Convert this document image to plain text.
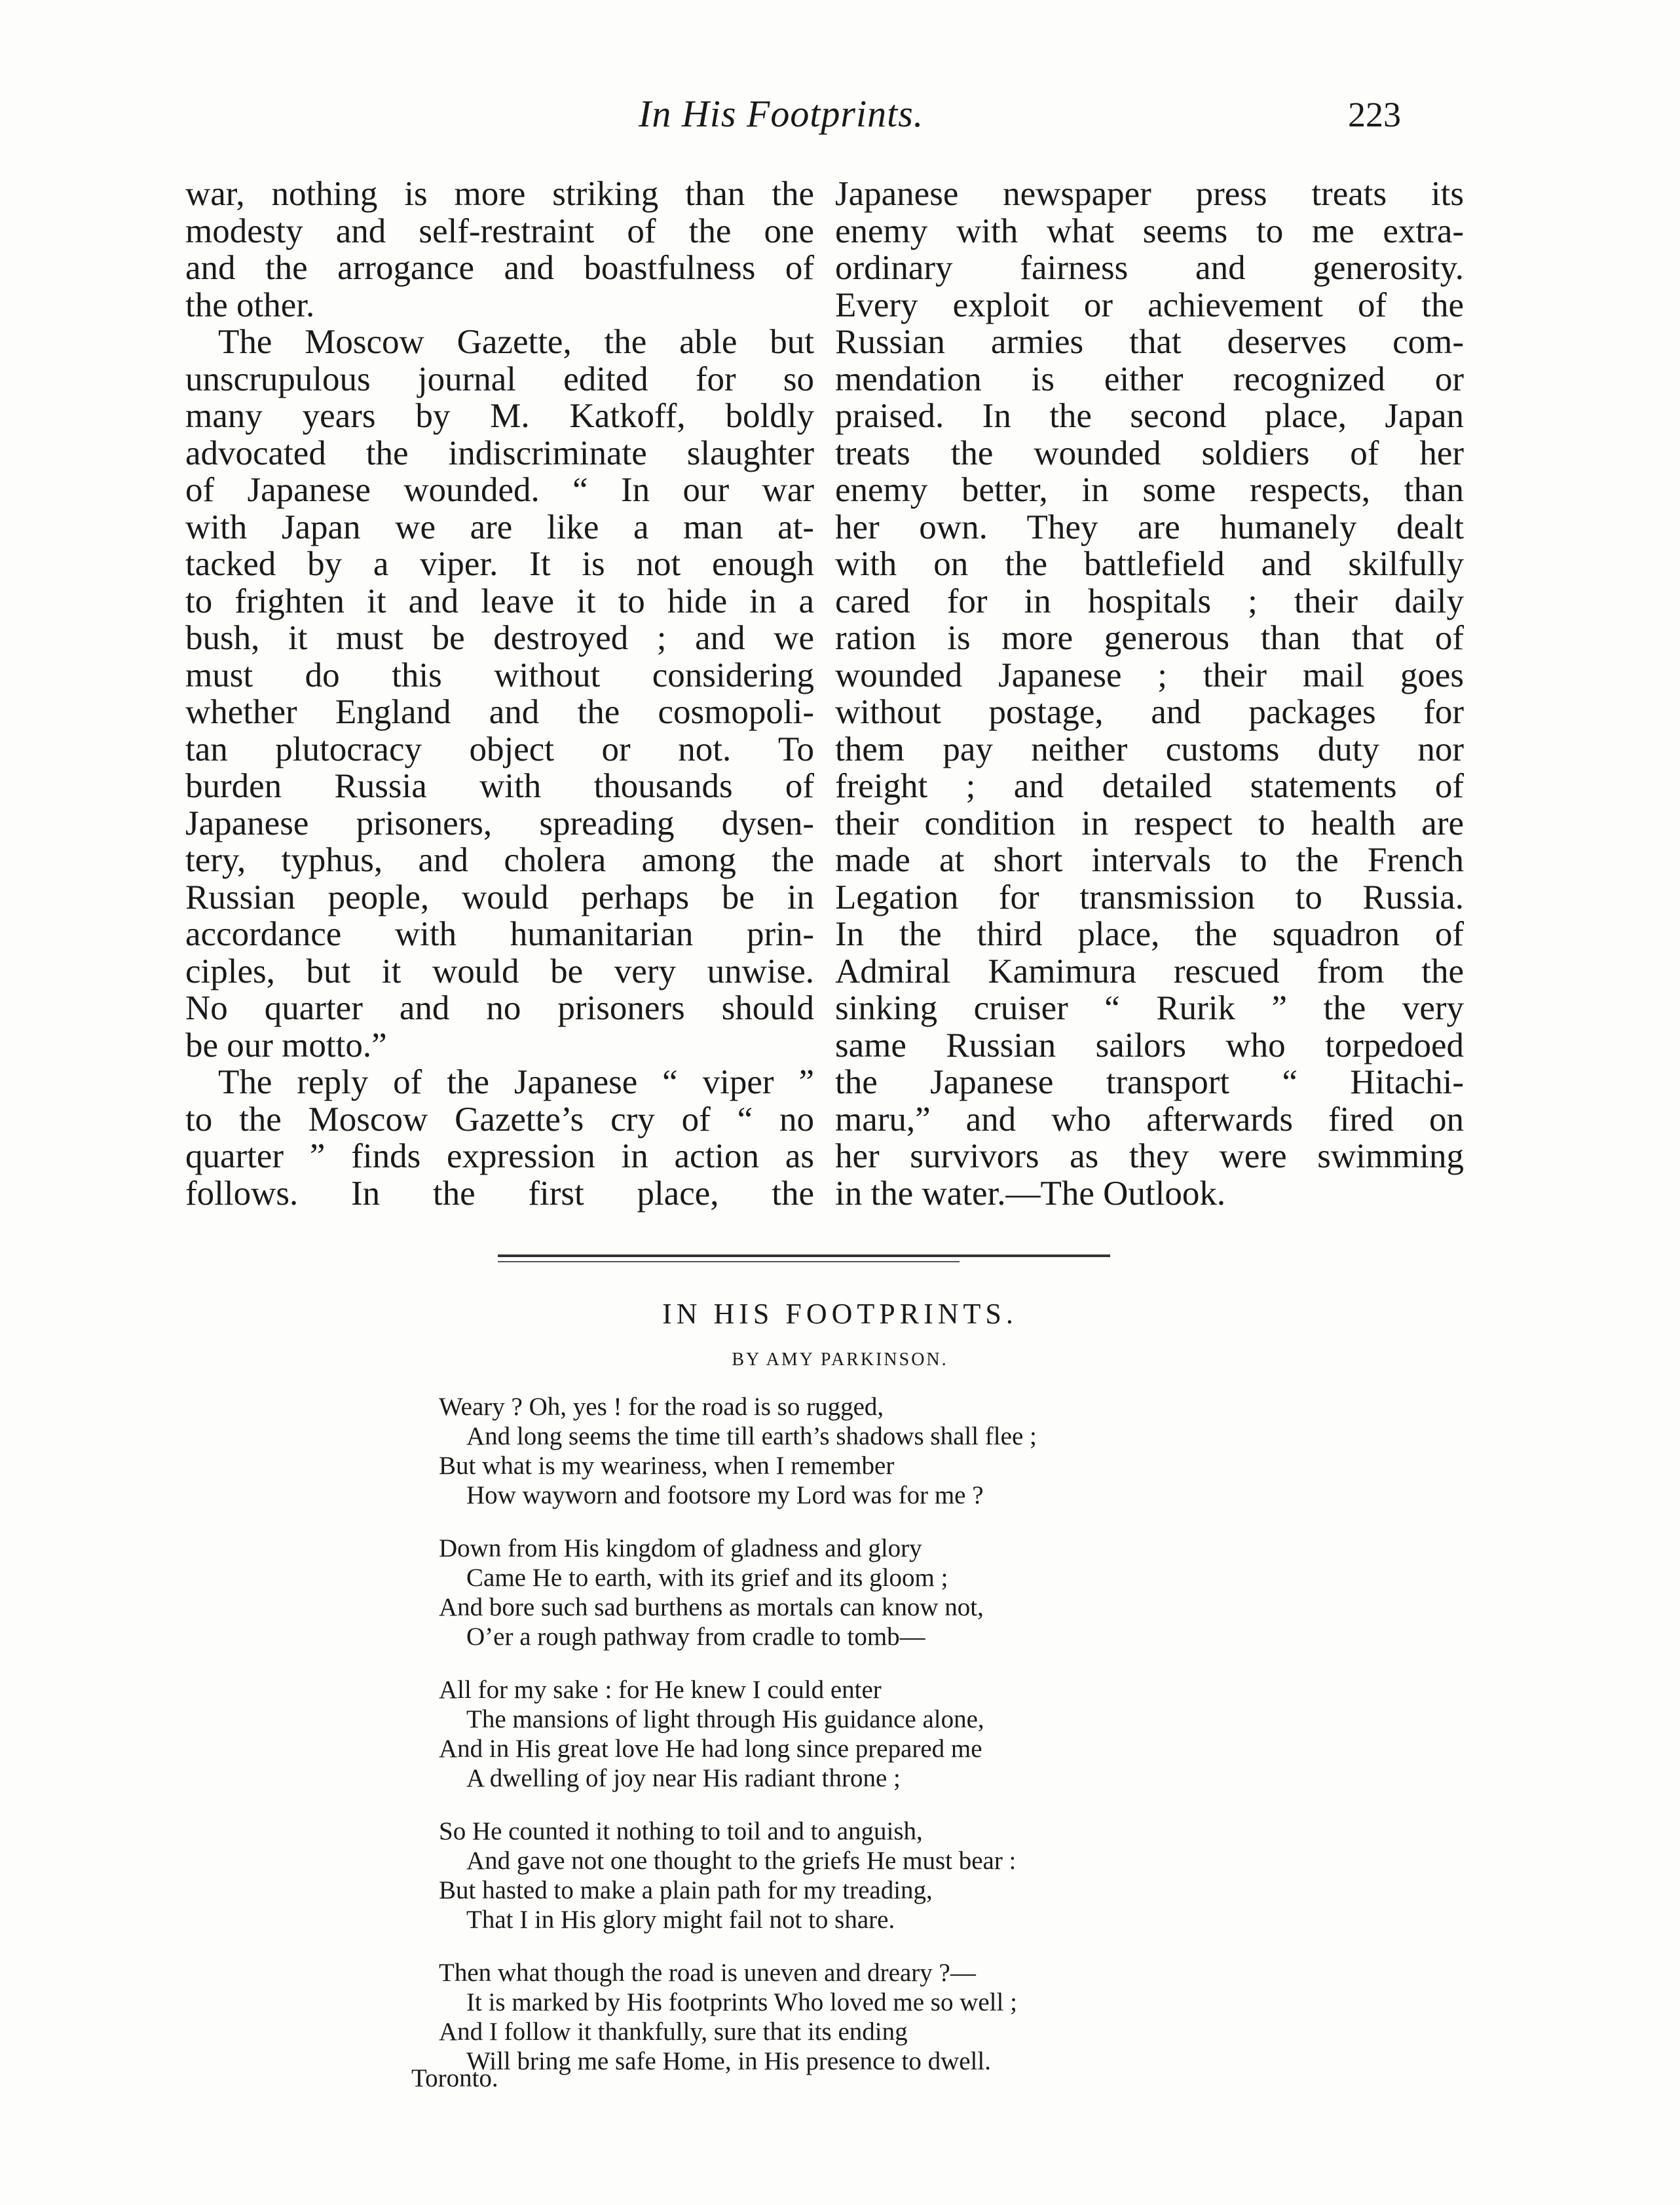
In His Footprints.	223
war, nothing is more striking than the
modesty and self-restraint of the one
and the arrogance and boastfulness of
the other.
The Moscow Gazette, the able but
unscrupulous journal edited for so
many years by M. Katkoff, boldly
advocated the indiscriminate slaughter
of Japanese wounded. “ In our war
with Japan we are like a man at-
tacked by a viper. It is not enough
to frighten it and leave it to hide in a
bush, it must be destroyed ; and we
must do this without considering
whether England and the cosmopoli-
tan plutocracy object or not. To
burden Russia with thousands of
Japanese prisoners, spreading dysen-
tery, typhus, and cholera among the
Russian people, would perhaps be in
accordance with humanitarian prin-
ciples, but it would be very unwise.
No quarter and no prisoners should
be our motto.”
The reply of the Japanese “ viper ”
to the Moscow Gazette’s cry of “ no
quarter ” finds expression in action as
follows. In the first place, the
Japanese newspaper press treats its
enemy with what seems to me extra-
ordinary fairness and generosity.
Every exploit or achievement of the
Russian armies that deserves com-
mendation is either recognized or
praised. In the second place, Japan
treats the wounded soldiers of her
enemy better, in some respects, than
her own. They are humanely dealt
with on the battlefield and skilfully
cared for in hospitals ; their daily
ration is more generous than that of
wounded Japanese ; their mail goes
without postage, and packages for
them pay neither customs duty nor
freight ; and detailed statements of
their condition in respect to health are
made at short intervals to the French
Legation for transmission to Russia.
In the third place, the squadron of
Admiral Kamimura rescued from the
sinking cruiser “ Rurik ” the very
same Russian sailors who torpedoed
the Japanese transport “ Hitachi-
maru,” and who afterwards fired on
her survivors as they were swimming
in the water.—The Outlook.
IN HIS FOOTPRINTS.
BY AMY PARKINSON.
Weary ? Oh, yes ! for the road is so rugged,
And long seems the time till earth’s shadows shall flee ;
But what is my weariness, when I remember
How wayworn and footsore my Lord was for me ?
Down from His kingdom of gladness and glory
Came He to earth, with its grief and its gloom ;
And bore such sad burthens as mortals can know not,
O’er a rough pathway from cradle to tomb—
All for my sake : for He knew I could enter
The mansions of light through His guidance alone,
And in His great love He had long since prepared me
A dwelling of joy near His radiant throne ;
So He counted it nothing to toil and to anguish,
And gave not one thought to the griefs He must bear :
But hasted to make a plain path for my treading,
That I in His glory might fail not to share.
Then what though the road is uneven and dreary ?—
It is marked by His footprints Who loved me so well ;
And I follow it thankfully, sure that its ending
Will bring me safe Home, in His presence to dwell.
Toronto.
